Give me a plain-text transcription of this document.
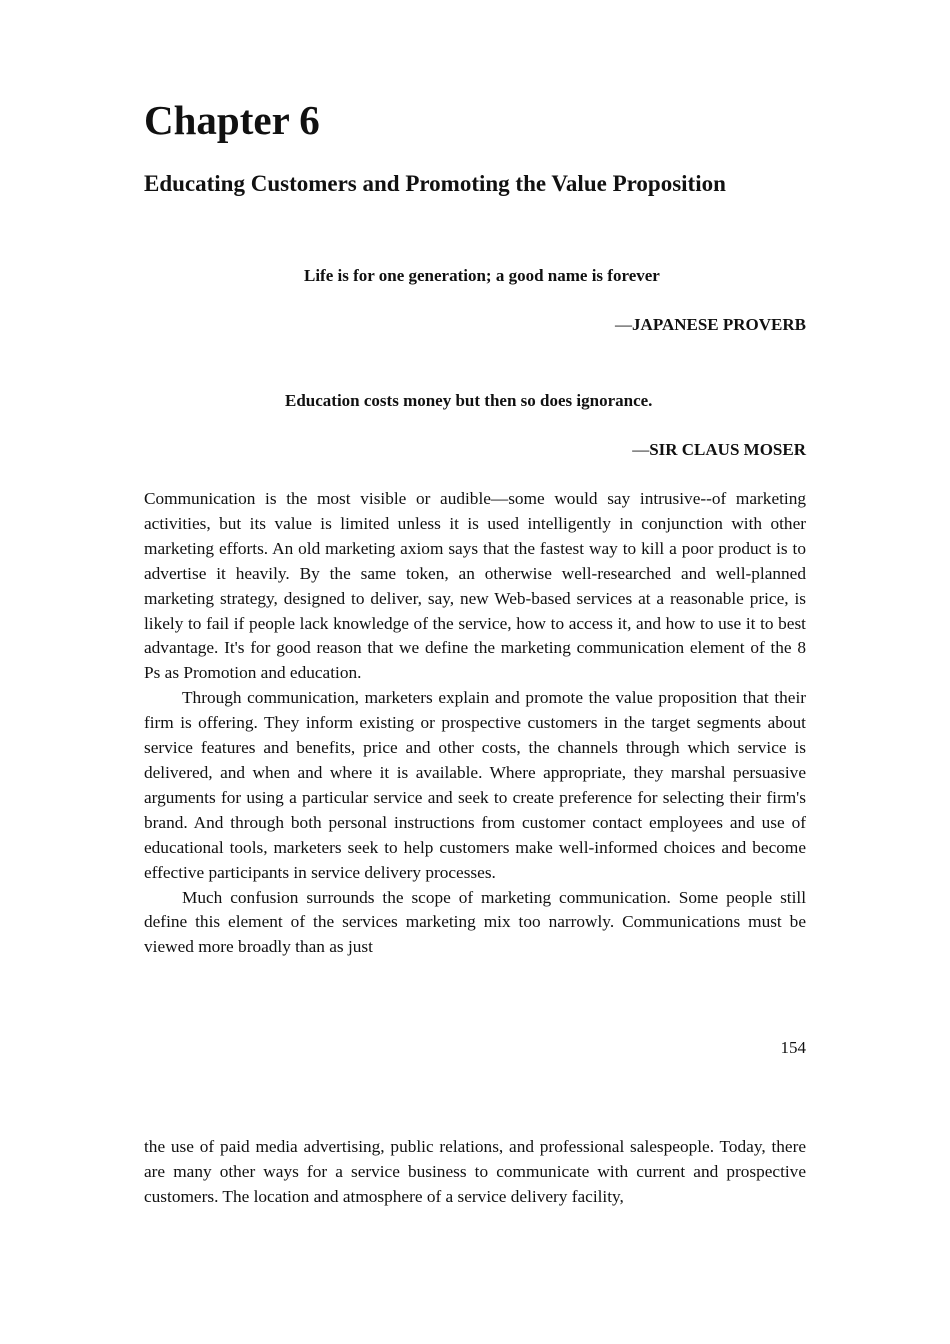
Chapter 6
Educating Customers and Promoting the Value Proposition
Life is for one generation; a good name is forever
—JAPANESE PROVERB
Education costs money but then so does ignorance.
—SIR CLAUS MOSER

Communication is the most visible or audible—some would say intrusive--of marketing activities, but its value is limited unless it is used intelligently in conjunction with other marketing efforts. An old marketing axiom says that the fastest way to kill a poor product is to advertise it heavily. By the same token, an otherwise well-researched and well-planned marketing strategy, designed to deliver, say, new Web-based services at a reasonable price, is likely to fail if people lack knowledge of the service, how to access it, and how to use it to best advantage. It's for good reason that we define the marketing communication element of the 8 Ps as Promotion and education.

Through communication, marketers explain and promote the value proposition that their firm is offering. They inform existing or prospective customers in the target segments about service features and benefits, price and other costs, the channels through which service is delivered, and when and where it is available. Where appropriate, they marshal persuasive arguments for using a particular service and seek to create preference for selecting their firm's brand. And through both personal instructions from customer contact employees and use of educational tools, marketers seek to help customers make well-informed choices and become effective participants in service delivery processes.

Much confusion surrounds the scope of marketing communication. Some people still define this element of the services marketing mix too narrowly. Communications must be viewed more broadly than as just

154

the use of paid media advertising, public relations, and professional salespeople. Today, there are many other ways for a service business to communicate with current and prospective customers. The location and atmosphere of a service delivery facility,
